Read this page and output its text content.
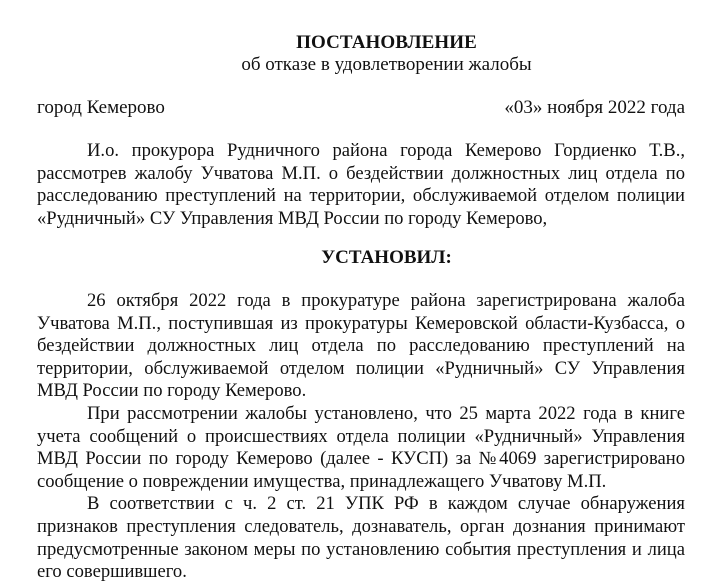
ПОСТАНОВЛЕНИЕ
об отказе в удовлетворении жалобы
город Кемерово	«03» ноября 2022 года

И.о. прокурора Рудничного района города Кемерово Гордиенко Т.В., рассмотрев жалобу Учватова М.П. о бездействии должностных лиц отдела по расследованию преступлений на территории, обслуживаемой отделом полиции «Рудничный» СУ Управления МВД России по городу Кемерово,

УСТАНОВИЛ:

26 октября 2022 года в прокуратуре района зарегистрирована жалоба Учватова М.П., поступившая из прокуратуры Кемеровской области-Кузбасса, о бездействии должностных лиц отдела по расследованию преступлений на территории, обслуживаемой отделом полиции «Рудничный» СУ Управления МВД России по городу Кемерово.

При рассмотрении жалобы установлено, что 25 марта 2022 года в книге учета сообщений о происшествиях отдела полиции «Рудничный» Управления МВД России по городу Кемерово (далее - КУСП) за №4069 зарегистрировано сообщение о повреждении имущества, принадлежащего Учватову М.П.

В соответствии с ч. 2 ст. 21 УПК РФ в каждом случае обнаружения признаков преступления следователь, дознаватель, орган дознания принимают предусмотренные законом меры по установлению события преступления и лица его совершившего.
